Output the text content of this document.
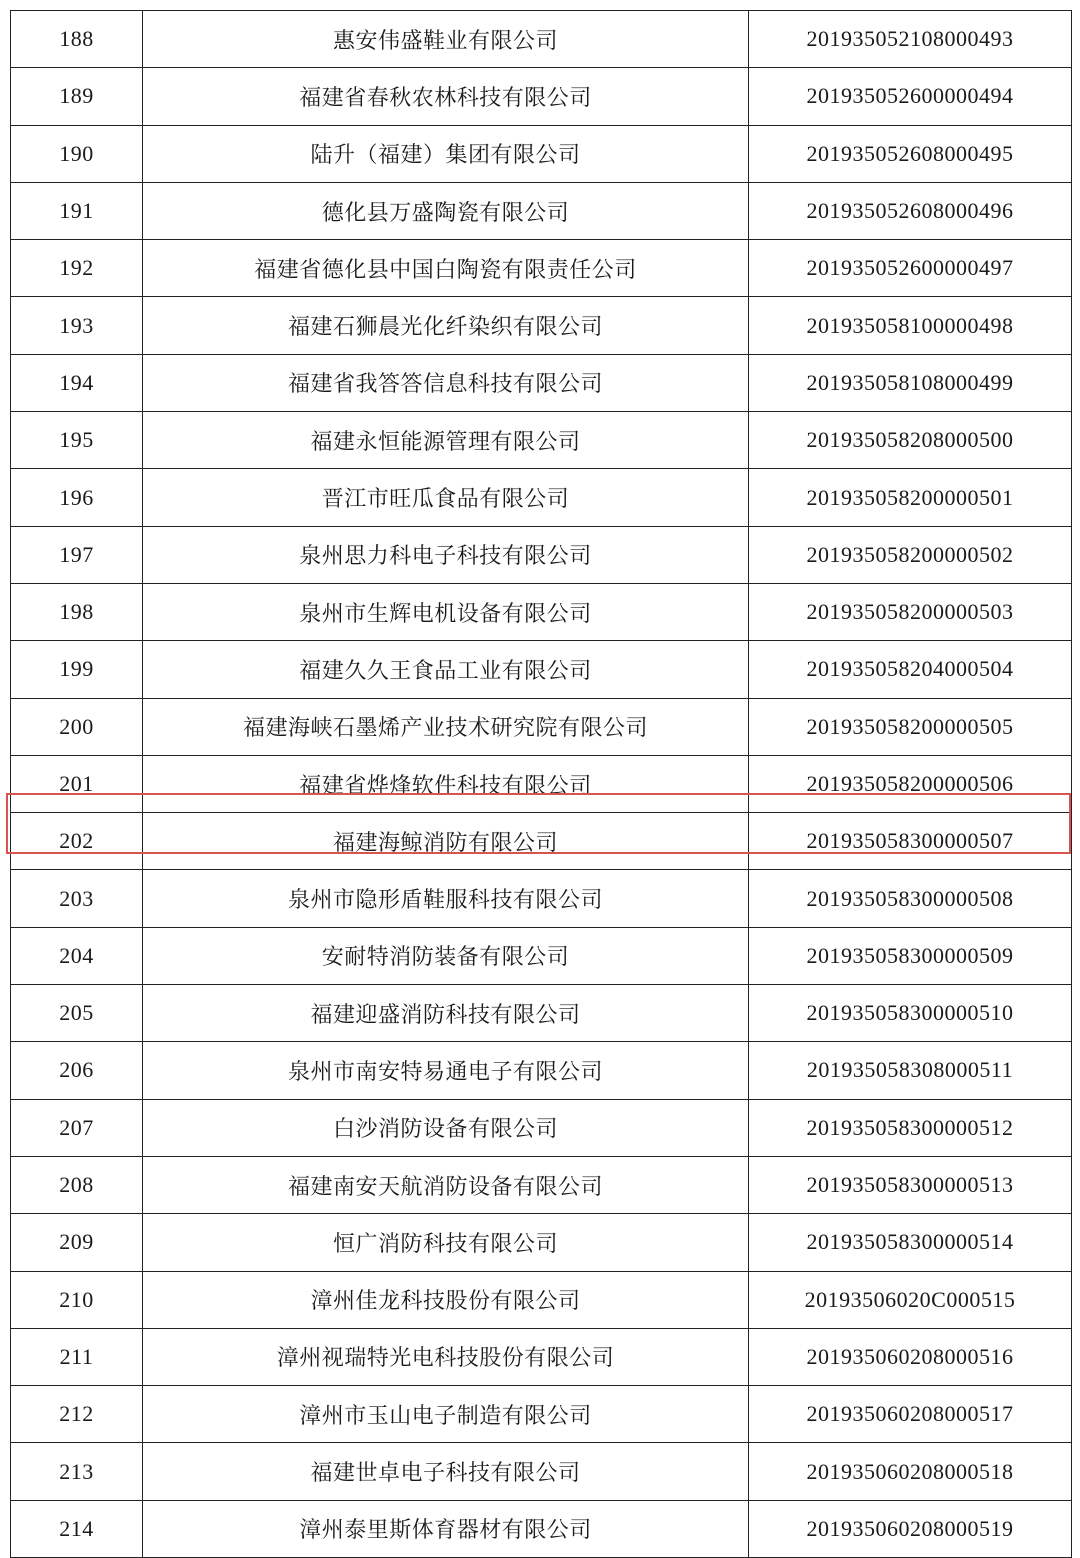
188	惠安伟盛鞋业有限公司	201935052108000493
189	福建省春秋农林科技有限公司	201935052600000494
190	陆升（福建）集团有限公司	201935052608000495
191	德化县万盛陶瓷有限公司	201935052608000496
192	福建省德化县中国白陶瓷有限责任公司	201935052600000497
193	福建石狮晨光化纤染织有限公司	201935058100000498
194	福建省我答答信息科技有限公司	201935058108000499
195	福建永恒能源管理有限公司	201935058208000500
196	晋江市旺瓜食品有限公司	201935058200000501
197	泉州思力科电子科技有限公司	201935058200000502
198	泉州市生辉电机设备有限公司	201935058200000503
199	福建久久王食品工业有限公司	201935058204000504
200	福建海峡石墨烯产业技术研究院有限公司	201935058200000505
201	福建省烨烽软件科技有限公司	201935058200000506
202	福建海鲸消防有限公司	201935058300000507
203	泉州市隐形盾鞋服科技有限公司	201935058300000508
204	安耐特消防装备有限公司	201935058300000509
205	福建迎盛消防科技有限公司	201935058300000510
206	泉州市南安特易通电子有限公司	201935058308000511
207	白沙消防设备有限公司	201935058300000512
208	福建南安天航消防设备有限公司	201935058300000513
209	恒广消防科技有限公司	201935058300000514
210	漳州佳龙科技股份有限公司	20193506020C000515
211	漳州视瑞特光电科技股份有限公司	201935060208000516
212	漳州市玉山电子制造有限公司	201935060208000517
213	福建世卓电子科技有限公司	201935060208000518
214	漳州泰里斯体育器材有限公司	201935060208000519
